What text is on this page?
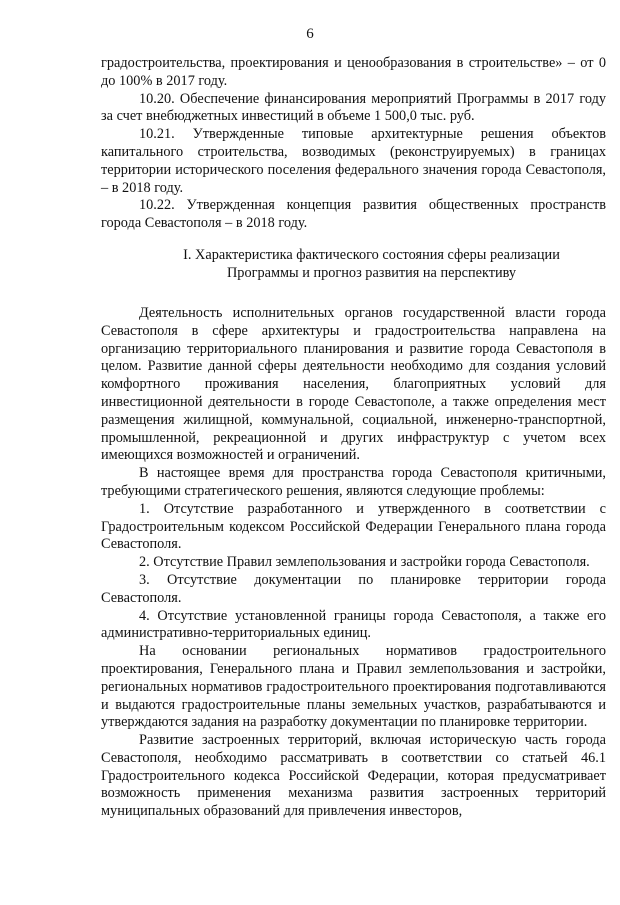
6

градостроительства, проектирования и ценообразования в строительстве» – от 0 до 100% в 2017 году.

10.20. Обеспечение финансирования мероприятий Программы в 2017 году за счет внебюджетных инвестиций в объеме 1 500,0 тыс. руб.

10.21. Утвержденные типовые архитектурные решения объектов капитального строительства, возводимых (реконструируемых) в границах территории исторического поселения федерального значения города Севастополя, – в 2018 году.

10.22. Утвержденная концепция развития общественных пространств города Севастополя – в 2018 году.

I. Характеристика фактического состояния сферы реализации
Программы и прогноз развития на перспективу

Деятельность исполнительных органов государственной власти города Севастополя в сфере архитектуры и градостроительства направлена на организацию территориального планирования и развитие города Севастополя в целом. Развитие данной сферы деятельности необходимо для создания условий комфортного проживания населения, благоприятных условий для инвестиционной деятельности в городе Севастополе, а также определения мест размещения жилищной, коммунальной, социальной, инженерно-транспортной, промышленной, рекреационной и других инфраструктур с учетом всех имеющихся возможностей и ограничений.

В настоящее время для пространства города Севастополя критичными, требующими стратегического решения, являются следующие проблемы:

1. Отсутствие разработанного и утвержденного в соответствии с Градостроительным кодексом Российской Федерации Генерального плана города Севастополя.

2. Отсутствие Правил землепользования и застройки города Севастополя.

3. Отсутствие документации по планировке территории города Севастополя.

4. Отсутствие установленной границы города Севастополя, а также его административно-территориальных единиц.

На основании региональных нормативов градостроительного проектирования, Генерального плана и Правил землепользования и застройки, региональных нормативов градостроительного проектирования подготавливаются и выдаются градостроительные планы земельных участков, разрабатываются и утверждаются задания на разработку документации по планировке территории.

Развитие застроенных территорий, включая историческую часть города Севастополя, необходимо рассматривать в соответствии со статьей 46.1 Градостроительного кодекса Российской Федерации, которая предусматривает возможность применения механизма развития застроенных территорий муниципальных образований для привлечения инвесторов,
